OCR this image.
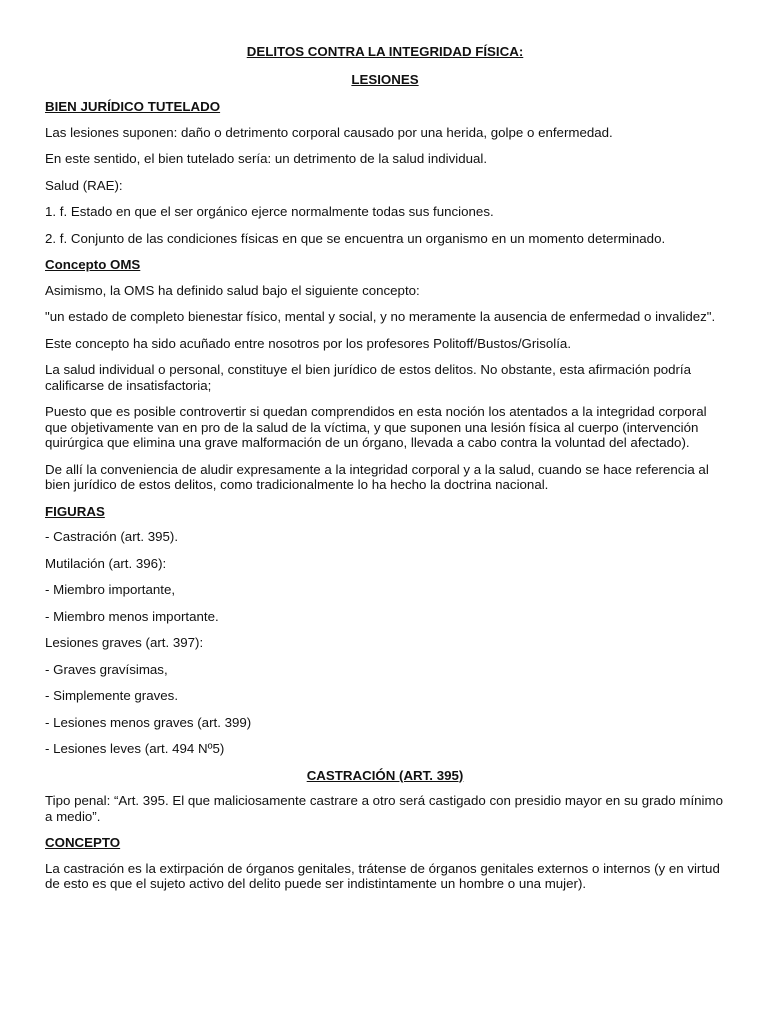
DELITOS CONTRA LA INTEGRIDAD FÍSICA:
LESIONES
BIEN JURÍDICO TUTELADO

Las lesiones suponen: daño o detrimento corporal causado por una herida, golpe o enfermedad.

En este sentido, el bien tutelado sería: un detrimento de la salud individual.

Salud (RAE):

1. f. Estado en que el ser orgánico ejerce normalmente todas sus funciones.

2. f. Conjunto de las condiciones físicas en que se encuentra un organismo en un momento determinado.

Concepto OMS

Asimismo, la OMS ha definido salud bajo el siguiente concepto:

"un estado de completo bienestar físico, mental y social, y no meramente la ausencia de enfermedad o invalidez".

Este concepto ha sido acuñado entre nosotros por los profesores Politoff/Bustos/Grisolía.

La salud individual o personal, constituye el bien jurídico de estos delitos. No obstante, esta afirmación podría calificarse de insatisfactoria;

Puesto que es posible controvertir si quedan comprendidos en esta noción los atentados a la integridad corporal que objetivamente van en pro de la salud de la víctima, y que suponen una lesión física al cuerpo (intervención quirúrgica que elimina una grave malformación de un órgano, llevada a cabo contra la voluntad del afectado).

De allí la conveniencia de aludir expresamente a la integridad corporal y a la salud, cuando se hace referencia al bien jurídico de estos delitos, como tradicionalmente lo ha hecho la doctrina nacional.

FIGURAS

- Castración (art. 395).

Mutilación (art. 396):

- Miembro importante,

- Miembro menos importante.

Lesiones graves (art. 397):

- Graves gravísimas,

- Simplemente graves.

- Lesiones menos graves (art. 399)

- Lesiones leves (art. 494 Nº5)

CASTRACIÓN (ART. 395)

Tipo penal: “Art. 395. El que maliciosamente castrare a otro será castigado con presidio mayor en su grado mínimo a medio”.

CONCEPTO

La castración es la extirpación de órganos genitales, trátense de órganos genitales externos o internos (y en virtud de esto es que el sujeto activo del delito puede ser indistintamente un hombre o una mujer).
